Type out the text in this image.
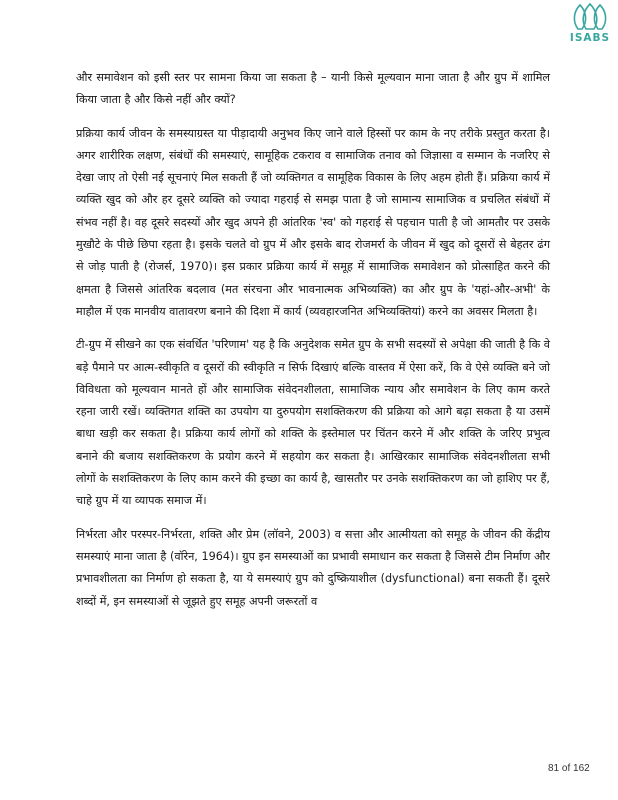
ISABS

और समावेशन को इसी स्तर पर सामना किया जा सकता है – यानी किसे मूल्यवान माना जाता है और ग्रुप में शामिल किया जाता है और किसे नहीं और क्यों?

प्रक्रिया कार्य जीवन के समस्याग्रस्त या पीड़ादायी अनुभव किए जाने वाले हिस्सों पर काम के नए तरीके प्रस्तुत करता है। अगर शारीरिक लक्षण, संबंधों की समस्याएं, सामूहिक टकराव व सामाजिक तनाव को जिज्ञासा व सम्मान के नजरिए से देखा जाए तो ऐसी नई सूचनाएं मिल सकती हैं जो व्यक्तिगत व सामूहिक विकास के लिए अहम होती हैं। प्रक्रिया कार्य में व्यक्ति खुद को और हर दूसरे व्यक्ति को ज्यादा गहराई से समझ पाता है जो सामान्य सामाजिक व प्रचलित संबंधों में संभव नहीं है। वह दूसरे सदस्यों और खुद अपने ही आंतरिक 'स्व' को गहराई से पहचान पाती है जो आमतौर पर उसके मुखौटे के पीछे छिपा रहता है। इसके चलते वो ग्रुप में और इसके बाद रोजमर्रा के जीवन में खुद को दूसरों से बेहतर ढंग से जोड़ पाती है (रोजर्स, 1970)। इस प्रकार प्रक्रिया कार्य में समूह में सामाजिक समावेशन को प्रोत्साहित करने की क्षमता है जिससे आंतरिक बदलाव (मत संरचना और भावनात्मक अभिव्यक्ति) का और ग्रुप के 'यहां-और-अभी' के माहौल में एक मानवीय वातावरण बनाने की दिशा में कार्य (व्यवहारजनित अभिव्यक्तियां) करने का अवसर मिलता है।

टी-ग्रुप में सीखने का एक संवर्धित 'परिणाम' यह है कि अनुदेशक समेत ग्रुप के सभी सदस्यों से अपेक्षा की जाती है कि वे बड़े पैमाने पर आत्म-स्वीकृति व दूसरों की स्वीकृति न सिर्फ दिखाएं बल्कि वास्तव में ऐसा करें, कि वे ऐसे व्यक्ति बने जो विविधता को मूल्यवान मानते हों और सामाजिक संवेदनशीलता, सामाजिक न्याय और समावेशन के लिए काम करते रहना जारी रखें। व्यक्तिगत शक्ति का उपयोग या दुरुपयोग सशक्तिकरण की प्रक्रिया को आगे बढ़ा सकता है या उसमें बाधा खड़ी कर सकता है। प्रक्रिया कार्य लोगों को शक्ति के इस्तेमाल पर चिंतन करने में और शक्ति के जरिए प्रभुत्व बनाने की बजाय सशक्तिकरण के प्रयोग करने में सहयोग कर सकता है। आखिरकार सामाजिक संवेदनशीलता सभी लोगों के सशक्तिकरण के लिए काम करने की इच्छा का कार्य है, खासतौर पर उनके सशक्तिकरण का जो हाशिए पर हैं, चाहे ग्रुप में या व्यापक समाज में।

निर्भरता और परस्पर-निर्भरता, शक्ति और प्रेम (लॉवने, 2003) व सत्ता और आत्मीयता को समूह के जीवन की केंद्रीय समस्याएं माना जाता है (वॉरेन, 1964)। ग्रुप इन समस्याओं का प्रभावी समाधान कर सकता है जिससे टीम निर्माण और प्रभावशीलता का निर्माण हो सकता है, या ये समस्याएं ग्रुप को दुष्क्रियाशील (dysfunctional) बना सकती हैं। दूसरे शब्दों में, इन समस्याओं से जूझते हुए समूह अपनी जरूरतों व

81 of 162
